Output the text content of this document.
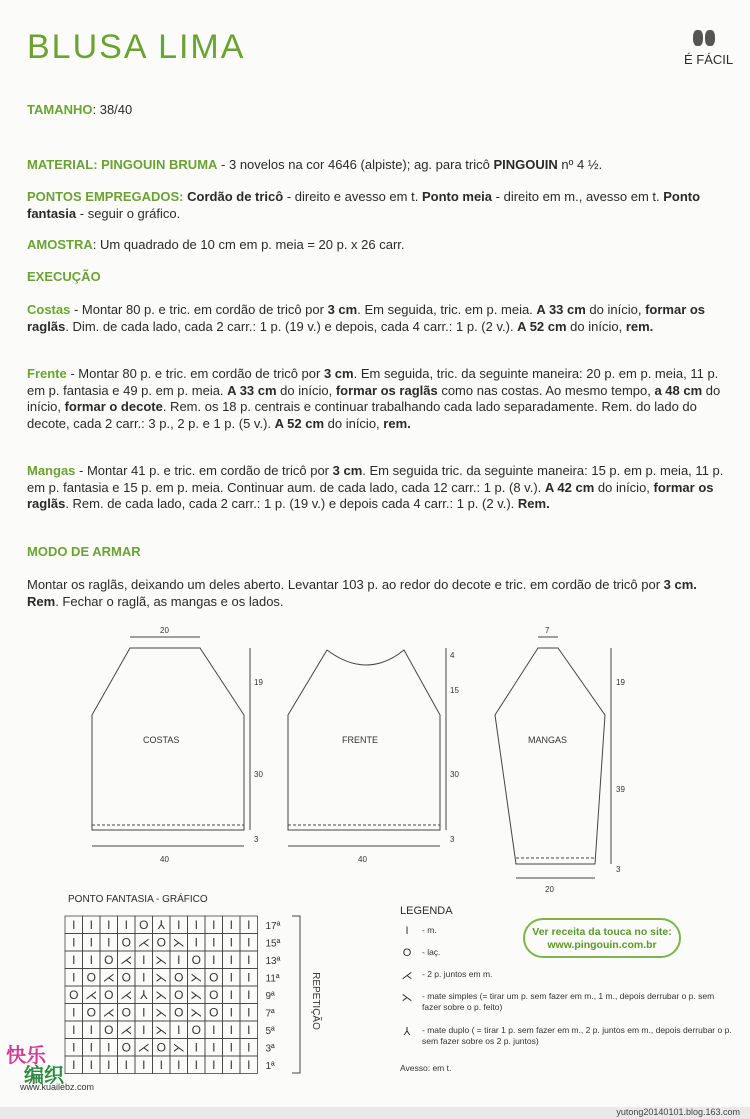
BLUSA LIMA	É FÁCIL
TAMANHO: 38/40
MATERIAL: PINGOUIN BRUMA - 3 novelos na cor 4646 (alpiste); ag. para tricô PINGOUIN nº 4 ½.
PONTOS EMPREGADOS: Cordão de tricô - direito e avesso em t. Ponto meia - direito em m., avesso em t. Ponto fantasia - seguir o gráfico.
AMOSTRA: Um quadrado de 10 cm em p. meia = 20 p. x 26 carr.
EXECUÇÃO
Costas - Montar 80 p. e tric. em cordão de tricô por 3 cm. Em seguida, tric. em p. meia. A 33 cm do início, formar os raglãs. Dim. de cada lado, cada 2 carr.: 1 p. (19 v.) e depois, cada 4 carr.: 1 p. (2 v.). A 52 cm do início, rem.
Frente - Montar 80 p. e tric. em cordão de tricô por 3 cm. Em seguida, tric. da seguinte maneira: 20 p. em p. meia, 11 p. em p. fantasia e 49 p. em p. meia. A 33 cm do início, formar os raglãs como nas costas. Ao mesmo tempo, a 48 cm do início, formar o decote. Rem. os 18 p. centrais e continuar trabalhando cada lado separadamente. Rem. do lado do decote, cada 2 carr.: 3 p., 2 p. e 1 p. (5 v.). A 52 cm do início, rem.
Mangas - Montar 41 p. e tric. em cordão de tricô por 3 cm. Em seguida tric. da seguinte maneira: 15 p. em p. meia, 11 p. em p. fantasia e 15 p. em p. meia. Continuar aum. de cada lado, cada 12 carr.: 1 p. (8 v.). A 42 cm do início, formar os raglãs. Rem. de cada lado, cada 2 carr.: 1 p. (19 v.) e depois cada 4 carr.: 1 p. (2 v.). Rem.
MODO DE ARMAR
Montar os raglãs, deixando um deles aberto. Levantar 103 p. ao redor do decote e tric. em cordão de tricô por 3 cm. Rem. Fechar o raglã, as mangas e os lados.
20
COSTAS
40
19
30
3
FRENTE
40
4
15
30
3
7
MANGAS
20
19
39
3
PONTO FANTASIA - GRÁFICO
REPETIÇÃO
I I I I O ⅄ I I I I I 17ª
I I I O ⋌ O ⋋ I I I I 15ª
I I O ⋌ I ⋋ I O I I I 13ª
I O ⋌ O I ⋋ O ⋋ O I I 11ª
O ⋌ O ⋌ ⅄ ⋋ O ⋋ O I I 9ª
I O ⋌ O I ⋋ O ⋋ O I I 7ª
I I O ⋌ I ⋋ I O I I I 5ª
I I I O ⋌ O ⋋ I I I I 3ª
I I I I I I I I I I I 1ª
LEGENDA
I	- m.
O	- laç.
⋌ - 2 p. juntos em m.
⋋ - mate simples (= tirar um p. sem fazer em m., 1 m., depois derrubar o p. sem fazer sobre o p. feito)
⅄	- mate duplo ( = tirar 1 p. sem fazer em m., 2 p. juntos em m., depois derrubar o p. sem fazer sobre os 2 p. juntos)
Avesso: em t.
Ver receita da touca no site:
www.pingouin.com.br
快乐
编织
www.kuailebz.com
yutong20140101.blog.163.com
